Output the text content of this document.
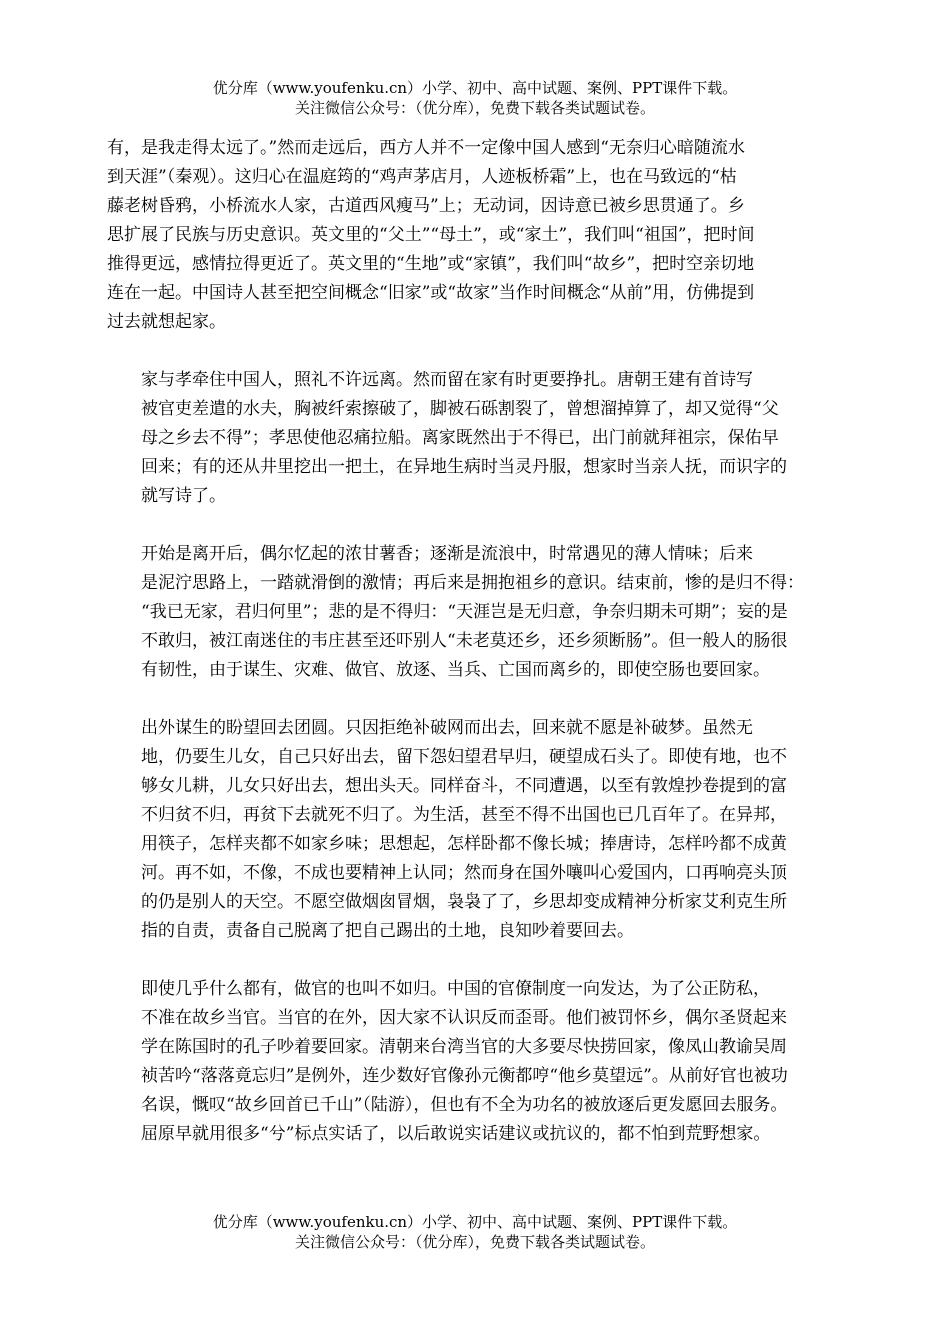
优分库（www.youfenku.cn）小学、初中、高中试题、案例、PPT课件下载。
关注微信公众号：（优分库），免费下载各类试题试卷。

有，是我走得太远了。”然而走远后，西方人并不一定像中国人感到“无奈归心暗随流水
到天涯”（秦观）。这归心在温庭筠的“鸡声茅店月，人迹板桥霜”上，也在马致远的“枯
藤老树昏鸦，小桥流水人家，古道西风瘦马”上；无动词，因诗意已被乡思贯通了。乡
思扩展了民族与历史意识。英文里的“父土”“母土”，或“家土”，我们叫“祖国”，把时间
推得更远，感情拉得更近了。英文里的“生地”或“家镇”，我们叫“故乡”，把时空亲切地
连在一起。中国诗人甚至把空间概念“旧家”或“故家”当作时间概念“从前”用，仿佛提到
过去就想起家。

家与孝牵住中国人，照礼不许远离。然而留在家有时更要挣扎。唐朝王建有首诗写
被官吏差遣的水夫，胸被纤索擦破了，脚被石砾割裂了，曾想溜掉算了，却又觉得“父
母之乡去不得”；孝思使他忍痛拉船。离家既然出于不得已，出门前就拜祖宗，保佑早
回来；有的还从井里挖出一把土，在异地生病时当灵丹服，想家时当亲人抚，而识字的
就写诗了。

开始是离开后，偶尔忆起的浓甘薯香；逐渐是流浪中，时常遇见的薄人情味；后来
是泥泞思路上，一踏就滑倒的激情；再后来是拥抱祖乡的意识。结束前，惨的是归不得：
“我已无家，君归何里”；悲的是不得归：“天涯岂是无归意，争奈归期未可期”；妄的是
不敢归，被江南迷住的韦庄甚至还吓别人“未老莫还乡，还乡须断肠”。但一般人的肠很
有韧性，由于谋生、灾难、做官、放逐、当兵、亡国而离乡的，即使空肠也要回家。

出外谋生的盼望回去团圆。只因拒绝补破网而出去，回来就不愿是补破梦。虽然无
地，仍要生儿女，自己只好出去，留下怨妇望君早归，硬望成石头了。即使有地，也不
够女儿耕，儿女只好出去，想出头天。同样奋斗，不同遭遇，以至有敦煌抄卷提到的富
不归贫不归，再贫下去就死不归了。为生活，甚至不得不出国也已几百年了。在异邦，
用筷子，怎样夹都不如家乡味；思想起，怎样卧都不像长城；捧唐诗，怎样吟都不成黄
河。再不如，不像，不成也要精神上认同；然而身在国外嚷叫心爱国内，口再响亮头顶
的仍是别人的天空。不愿空做烟囱冒烟，袅袅了了，乡思却变成精神分析家艾利克生所
指的自责，责备自己脱离了把自己踢出的土地，良知吵着要回去。

即使几乎什么都有，做官的也叫不如归。中国的官僚制度一向发达，为了公正防私，
不准在故乡当官。当官的在外，因大家不认识反而歪哥。他们被罚怀乡，偶尔圣贤起来
学在陈国时的孔子吵着要回家。清朝来台湾当官的大多要尽快捞回家，像凤山教谕吴周
祯苦吟“落落竟忘归”是例外，连少数好官像孙元衡都哼“他乡莫望远”。从前好官也被功
名误，慨叹“故乡回首已千山”（陆游），但也有不全为功名的被放逐后更发愿回去服务。
屈原早就用很多“兮”标点实话了，以后敢说实话建议或抗议的，都不怕到荒野想家。

优分库（www.youfenku.cn）小学、初中、高中试题、案例、PPT课件下载。
关注微信公众号：（优分库），免费下载各类试题试卷。
